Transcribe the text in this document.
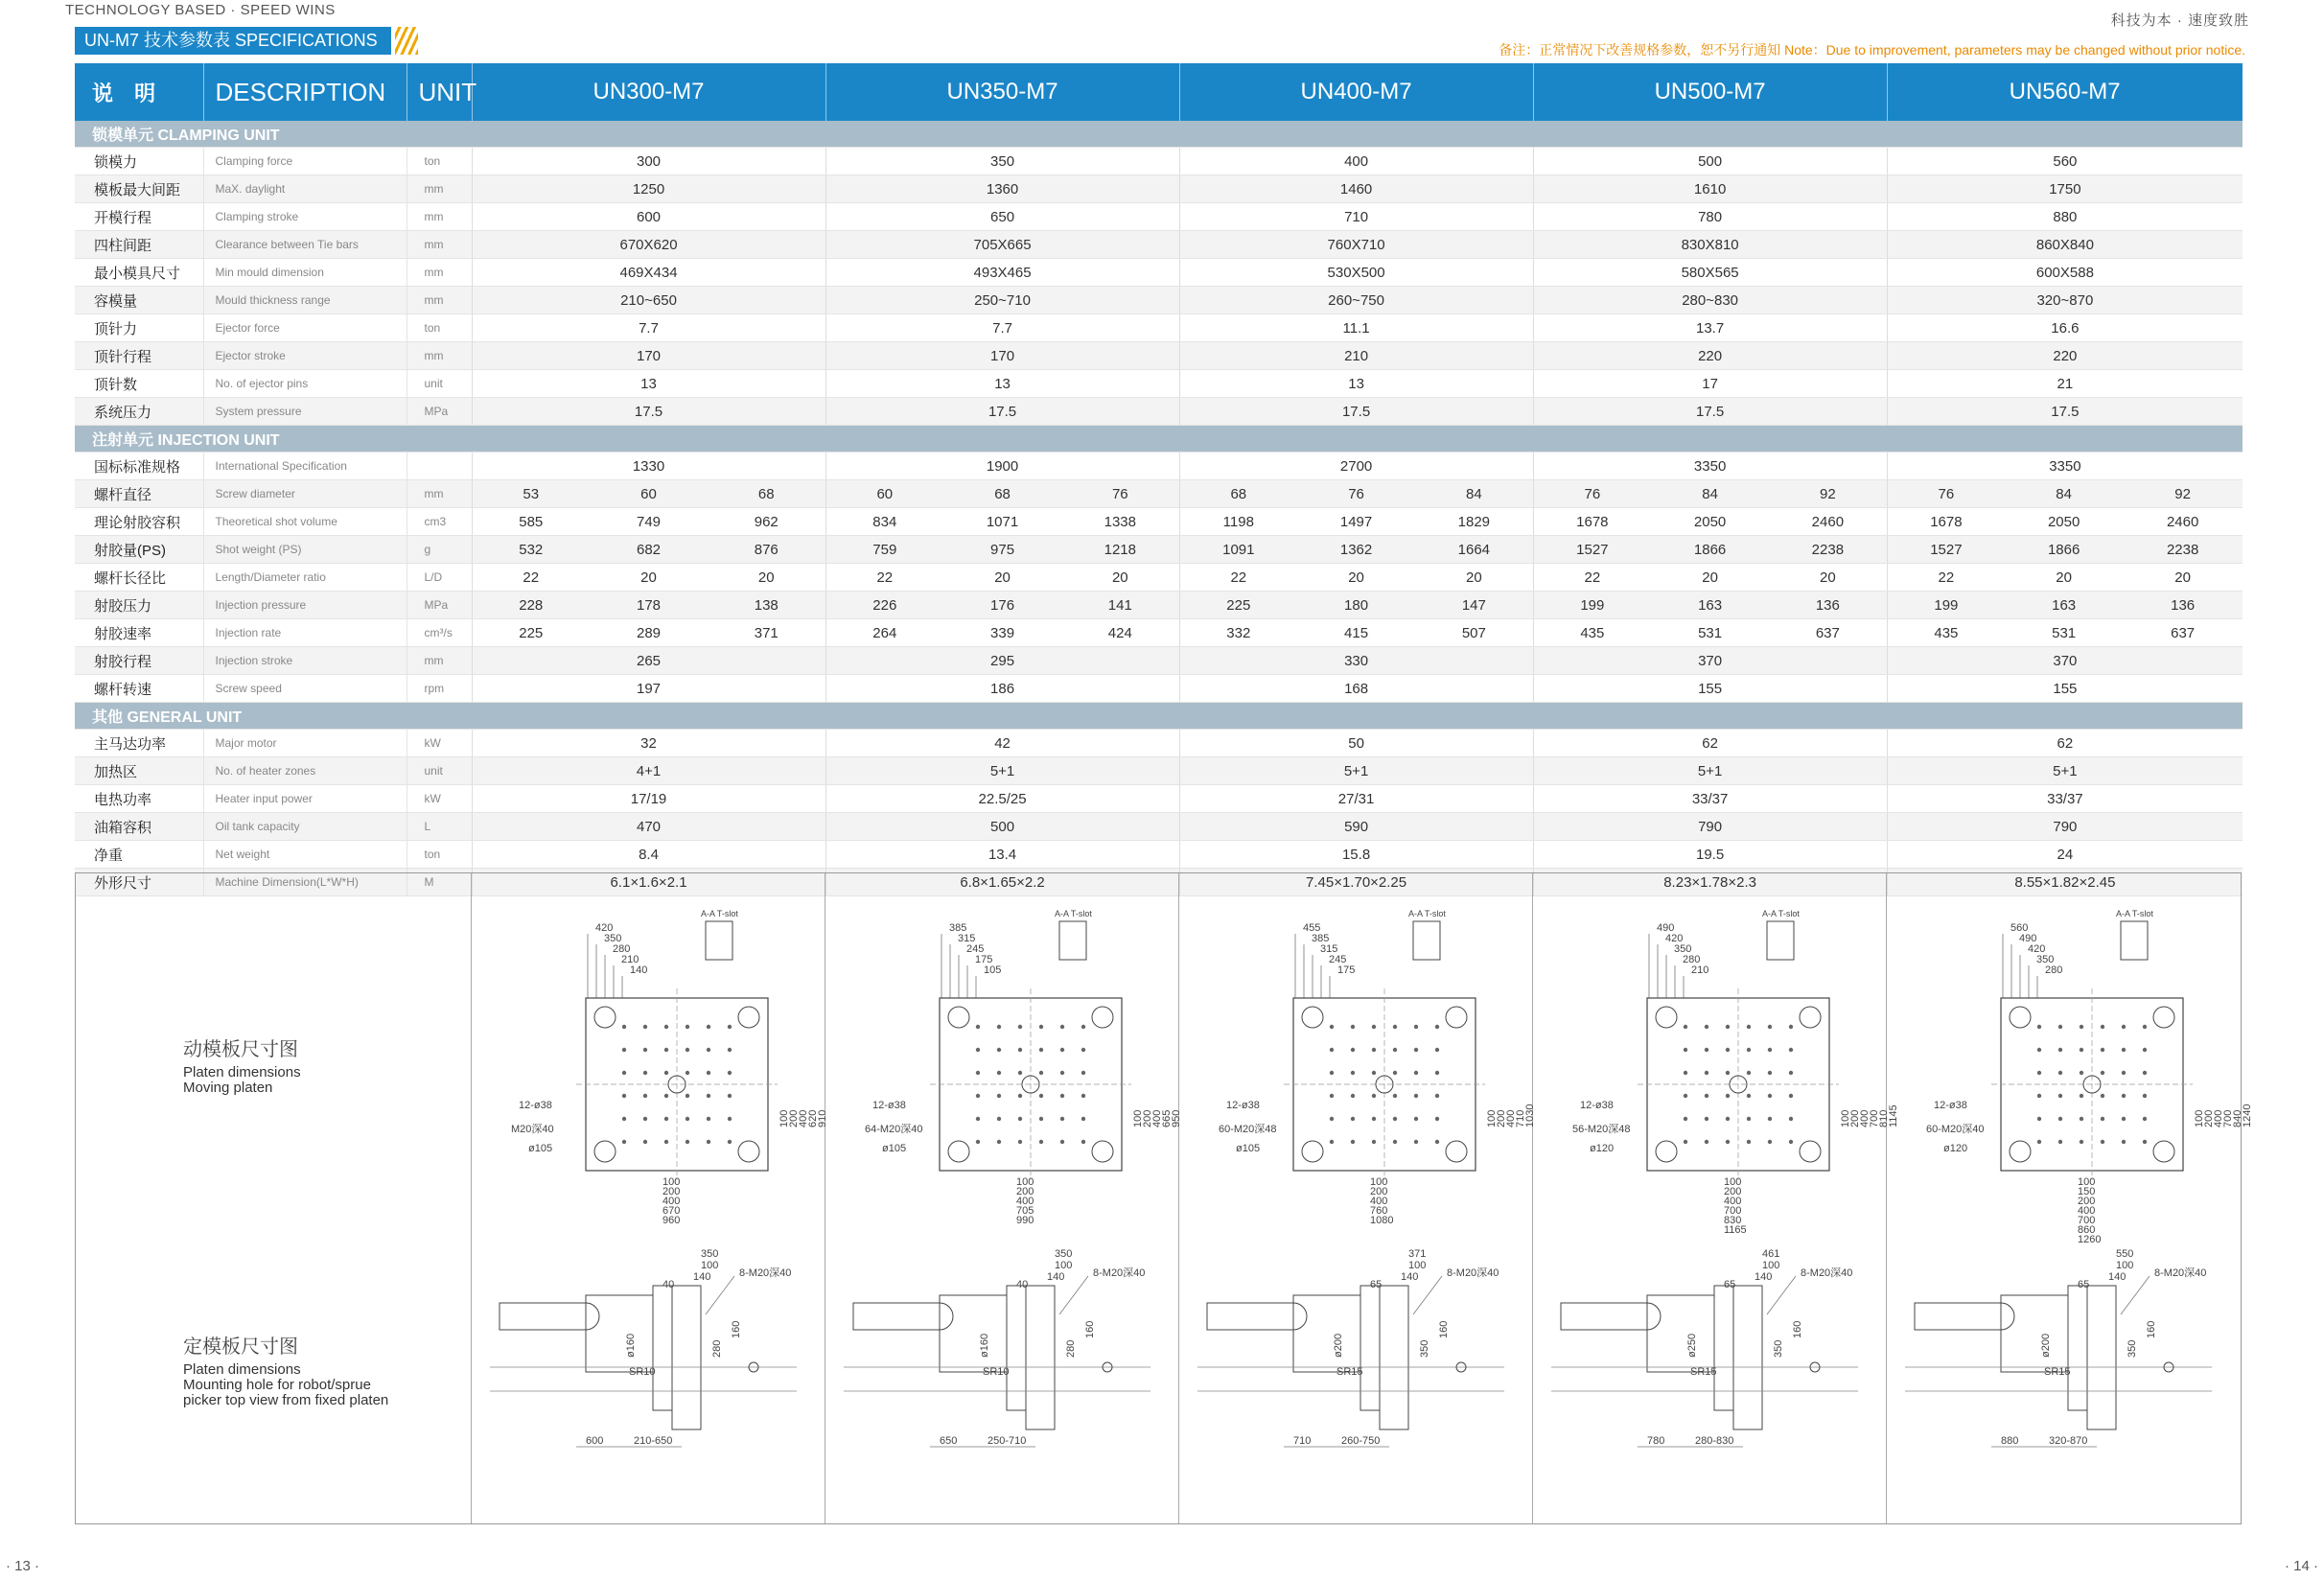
TECHNOLOGY BASED · SPEED WINS
科技为本 · 速度致胜
UN-M7 技术参数表 SPECIFICATIONS	备注：正常情况下改善规格参数，恕不另行通知 Note：Due to improvement, parameters may be changed without prior notice.
说 明	DESCRIPTION	UNIT	UN300-M7			UN350-M7			UN400-M7			UN500-M7			UN560-M7		
锁模单元 CLAMPING UNIT																	
锁模力	Clamping force	ton	300			350			400			500			560		
模板最大间距	MaX. daylight	mm	1250			1360			1460			1610			1750		
开模行程	Clamping stroke	mm	600			650			710			780			880		
四柱间距	Clearance between Tie bars	mm	670X620			705X665			760X710			830X810			860X840		
最小模具尺寸	Min mould dimension	mm	469X434			493X465			530X500			580X565			600X588		
容模量	Mould thickness range	mm	210~650			250~710			260~750			280~830			320~870		
顶针力	Ejector force	ton	7.7			7.7			11.1			13.7			16.6		
顶针行程	Ejector stroke	mm	170			170			210			220			220		
顶针数	No. of ejector pins	unit	13			13			13			17			21		
系统压力	System pressure	MPa	17.5			17.5			17.5			17.5			17.5		
注射单元 INJECTION UNIT																	
国标标准规格	International Specification		1330			1900			2700			3350			3350		
螺杆直径	Screw diameter	mm	53	60	68	60	68	76	68	76	84	76	84	92	76	84	92
理论射胶容积	Theoretical shot volume	cm3	585	749	962	834	1071	1338	1198	1497	1829	1678	2050	2460	1678	2050	2460
射胶量(PS)	Shot weight (PS)	g	532	682	876	759	975	1218	1091	1362	1664	1527	1866	2238	1527	1866	2238
螺杆长径比	Length/Diameter ratio	L/D	22	20	20	22	20	20	22	20	20	22	20	20	22	20	20
射胶压力	Injection pressure	MPa	228	178	138	226	176	141	225	180	147	199	163	136	199	163	136
射胶速率	Injection rate	cm³/s	225	289	371	264	339	424	332	415	507	435	531	637	435	531	637
射胶行程	Injection stroke	mm	265			295			330			370			370		
螺杆转速	Screw speed	rpm	197			186			168			155			155		
其他 GENERAL UNIT																	
主马达功率	Major motor	kW	32			42			50			62			62		
加热区	No. of heater zones	unit	4+1			5+1			5+1			5+1			5+1		
电热功率	Heater input power	kW	17/19			22.5/25			27/31			33/37			33/37		
油箱容积	Oil tank capacity	L	470			500			590			790			790		
净重	Net weight	ton	8.4			13.4			15.8			19.5			24		
外形尺寸	Machine Dimension(L*W*H)	M	6.1×1.6×2.1			6.8×1.65×2.2			7.45×1.70×2.25			8.23×1.78×2.3			8.55×1.82×2.45		
动模板尺寸图
Platen dimensions
Moving platen
定模板尺寸图
Platen dimensions
Mounting hole for robot/sprue
picker top view from fixed platen
420
350
280
210
140
A-A T-slot
12-ø38
M20深40
ø105
100
200
400
670
960
100
200
400
620
910
385
315
245
175
105
A-A T-slot
12-ø38
64-M20深40
ø105
100
200
400
705
990
100
200
400
665
950
455
385
315
245
175
A-A T-slot
12-ø38
60-M20深48
ø105
100
200
400
760
1080
100
200
400
710
1030
490
420
350
280
210
A-A T-slot
12-ø38
56-M20深48
ø120
100
200
400
700
830
1165
100
200
400
700
810
1145
560
490
420
350
280
A-A T-slot
12-ø38
60-M20深40
ø120
100
150
200
400
700
860
1260
100
200
400
700
840
1240
350
100
140
40
8-M20深40
ø160
SR10
280
160
600	210-650
350
100
140
40
8-M20深40
ø160
SR10
280
160
650	250-710
371
100
140
65
8-M20深40
ø200
SR15
350
160
710	260-750
461
100
140
65
8-M20深40
ø250
SR15
350
160
780	280-830
550
100
140
65
8-M20深40
ø200
SR15
350
160
880	320-870
· 13 ·	· 14 ·
